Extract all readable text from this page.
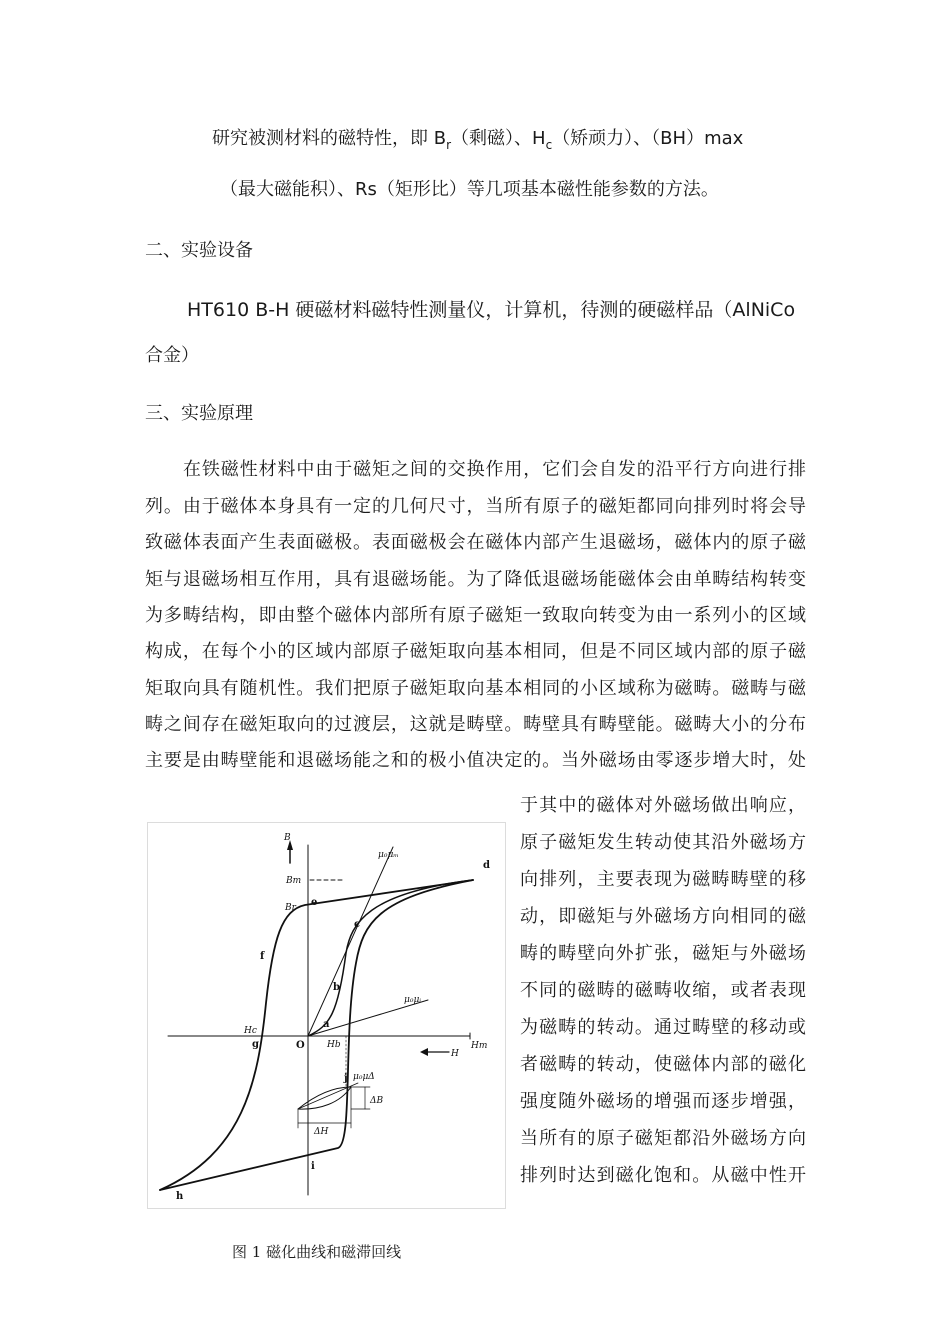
研究被测材料的磁特性，即 $B_r$（剩磁）、$H_c$（矫顽力）、（BH）max
（最大磁能积）、Rs（矩形比）等几项基本磁性能参数的方法。
二、实验设备
HT610 B-H 硬磁材料磁特性测量仪，计算机，待测的硬磁样品（AlNiCo
合金）
三、实验原理
在铁磁性材料中由于磁矩之间的交换作用，它们会自发的沿平行方向进行排
列。由于磁体本身具有一定的几何尺寸，当所有原子的磁矩都同向排列时将会导
致磁体表面产生表面磁极。表面磁极会在磁体内部产生退磁场，磁体内的原子磁
矩与退磁场相互作用，具有退磁场能。为了降低退磁场能磁体会由单畴结构转变
为多畴结构，即由整个磁体内部所有原子磁矩一致取向转变为由一系列小的区域
构成，在每个小的区域内部原子磁矩取向基本相同，但是不同区域内部的原子磁
矩取向具有随机性。我们把原子磁矩取向基本相同的小区域称为磁畴。磁畴与磁
畴之间存在磁矩取向的过渡层，这就是畴壁。畴壁具有畴壁能。磁畴大小的分布
主要是由畴壁能和退磁场能之和的极小值决定的。当外磁场由零逐步增大时，处
于其中的磁体对外磁场做出响应，
原子磁矩发生转动使其沿外磁场方
向排列，主要表现为磁畴畴壁的移
动，即磁矩与外磁场方向相同的磁
畴的畴壁向外扩张，磁矩与外磁场
不同的磁畴的磁畴收缩，或者表现
为磁畴的转动。通过畴壁的移动或
者磁畴的转动，使磁体内部的磁化
强度随外磁场的增强而逐步增强，
当所有的原子磁矩都沿外磁场方向
排列时达到磁化饱和。从磁中性开
B
Bm
Br
Hc
Hm
H
O Hb
μ₀μₘ
μ₀μᵢ
μ₀μΔ
ΔB
ΔH
a
b
c
d
e
f
g
h
i
j
图 1 磁化曲线和磁滞回线
